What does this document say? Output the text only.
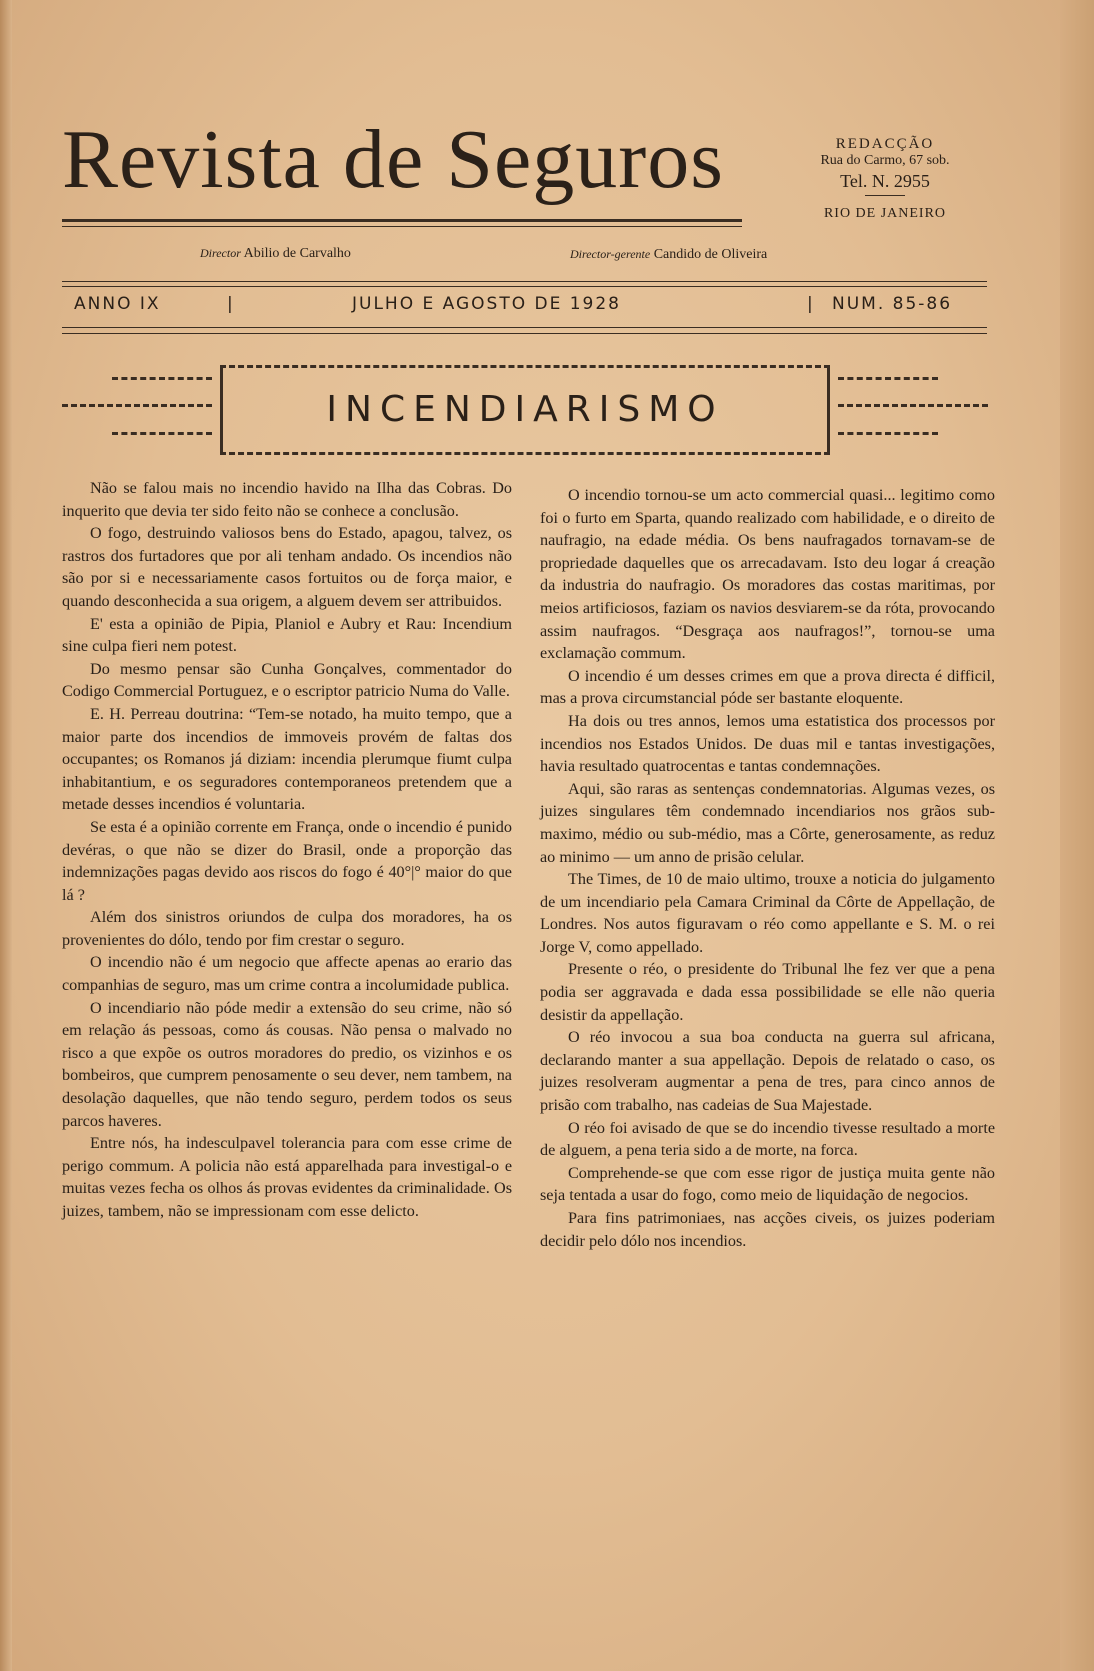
Revista de Seguros	REDACÇÃO
Rua do Carmo, 67 sob.
Tel. N. 2955
RIO DE JANEIRO
Director Abilio de Carvalho	Director-gerente Candido de Oliveira
ANNO IX	|	JULHO E AGOSTO DE 1928	| NUM. 85-86
INCENDIARISMO

Não se falou mais no incendio havido na Ilha das Cobras. Do inquerito que devia ter sido feito não se conhece a conclusão.

O fogo, destruindo valiosos bens do Estado, apagou, talvez, os rastros dos furtadores que por ali tenham andado. Os incendios não são por si e necessariamente casos fortuitos ou de força maior, e quando desconhecida a sua origem, a alguem devem ser attribuidos.

E' esta a opinião de Pipia, Planiol e Aubry et Rau: Incendium sine culpa fieri nem potest.

Do mesmo pensar são Cunha Gonçalves, commentador do Codigo Commercial Portuguez, e o escriptor patricio Numa do Valle.

E. H. Perreau doutrina: “Tem-se notado, ha muito tempo, que a maior parte dos incendios de immoveis provém de faltas dos occupantes; os Romanos já diziam: incendia plerumque fiumt culpa inhabitantium, e os seguradores contemporaneos pretendem que a metade desses incendios é voluntaria.

Se esta é a opinião corrente em França, onde o incendio é punido devéras, o que não se dizer do Brasil, onde a proporção das indemnizações pagas devido aos riscos do fogo é 40°|° maior do que lá ?

Além dos sinistros oriundos de culpa dos moradores, ha os provenientes do dólo, tendo por fim crestar o seguro.

O incendio não é um negocio que affecte apenas ao erario das companhias de seguro, mas um crime contra a incolumidade publica.

O incendiario não póde medir a extensão do seu crime, não só em relação ás pessoas, como ás cousas. Não pensa o malvado no risco a que expõe os outros moradores do predio, os vizinhos e os bombeiros, que cumprem penosamente o seu dever, nem tambem, na desolação daquelles, que não tendo seguro, perdem todos os seus parcos haveres.

Entre nós, ha indesculpavel tolerancia para com esse crime de perigo commum. A policia não está apparelhada para investigal-o e muitas vezes fecha os olhos ás provas evidentes da criminalidade. Os juizes, tambem, não se impressionam com esse delicto.

O incendio tornou-se um acto commercial quasi... legitimo como foi o furto em Sparta, quando realizado com habilidade, e o direito de naufragio, na edade média. Os bens naufragados tornavam-se de propriedade daquelles que os arrecadavam. Isto deu logar á creação da industria do naufragio. Os moradores das costas maritimas, por meios artificiosos, faziam os navios desviarem-se da róta, provocando assim naufragos. “Desgraça aos naufragos!”, tornou-se uma exclamação commum.

O incendio é um desses crimes em que a prova directa é difficil, mas a prova circumstancial póde ser bastante eloquente.

Ha dois ou tres annos, lemos uma estatistica dos processos por incendios nos Estados Unidos. De duas mil e tantas investigações, havia resultado quatrocentas e tantas condemnações.

Aqui, são raras as sentenças condemnatorias. Algumas vezes, os juizes singulares têm condemnado incendiarios nos grãos sub-maximo, médio ou sub-médio, mas a Côrte, generosamente, as reduz ao minimo — um anno de prisão celular.

The Times, de 10 de maio ultimo, trouxe a noticia do julgamento de um incendiario pela Camara Criminal da Côrte de Appellação, de Londres. Nos autos figuravam o réo como appellante e S. M. o rei Jorge V, como appellado.

Presente o réo, o presidente do Tribunal lhe fez ver que a pena podia ser aggravada e dada essa possibilidade se elle não queria desistir da appellação.

O réo invocou a sua boa conducta na guerra sul africana, declarando manter a sua appellação. Depois de relatado o caso, os juizes resolveram augmentar a pena de tres, para cinco annos de prisão com trabalho, nas cadeias de Sua Majestade.

O réo foi avisado de que se do incendio tivesse resultado a morte de alguem, a pena teria sido a de morte, na forca.

Comprehende-se que com esse rigor de justiça muita gente não seja tentada a usar do fogo, como meio de liquidação de negocios.

Para fins patrimoniaes, nas acções civeis, os juizes poderiam decidir pelo dólo nos incendios.
